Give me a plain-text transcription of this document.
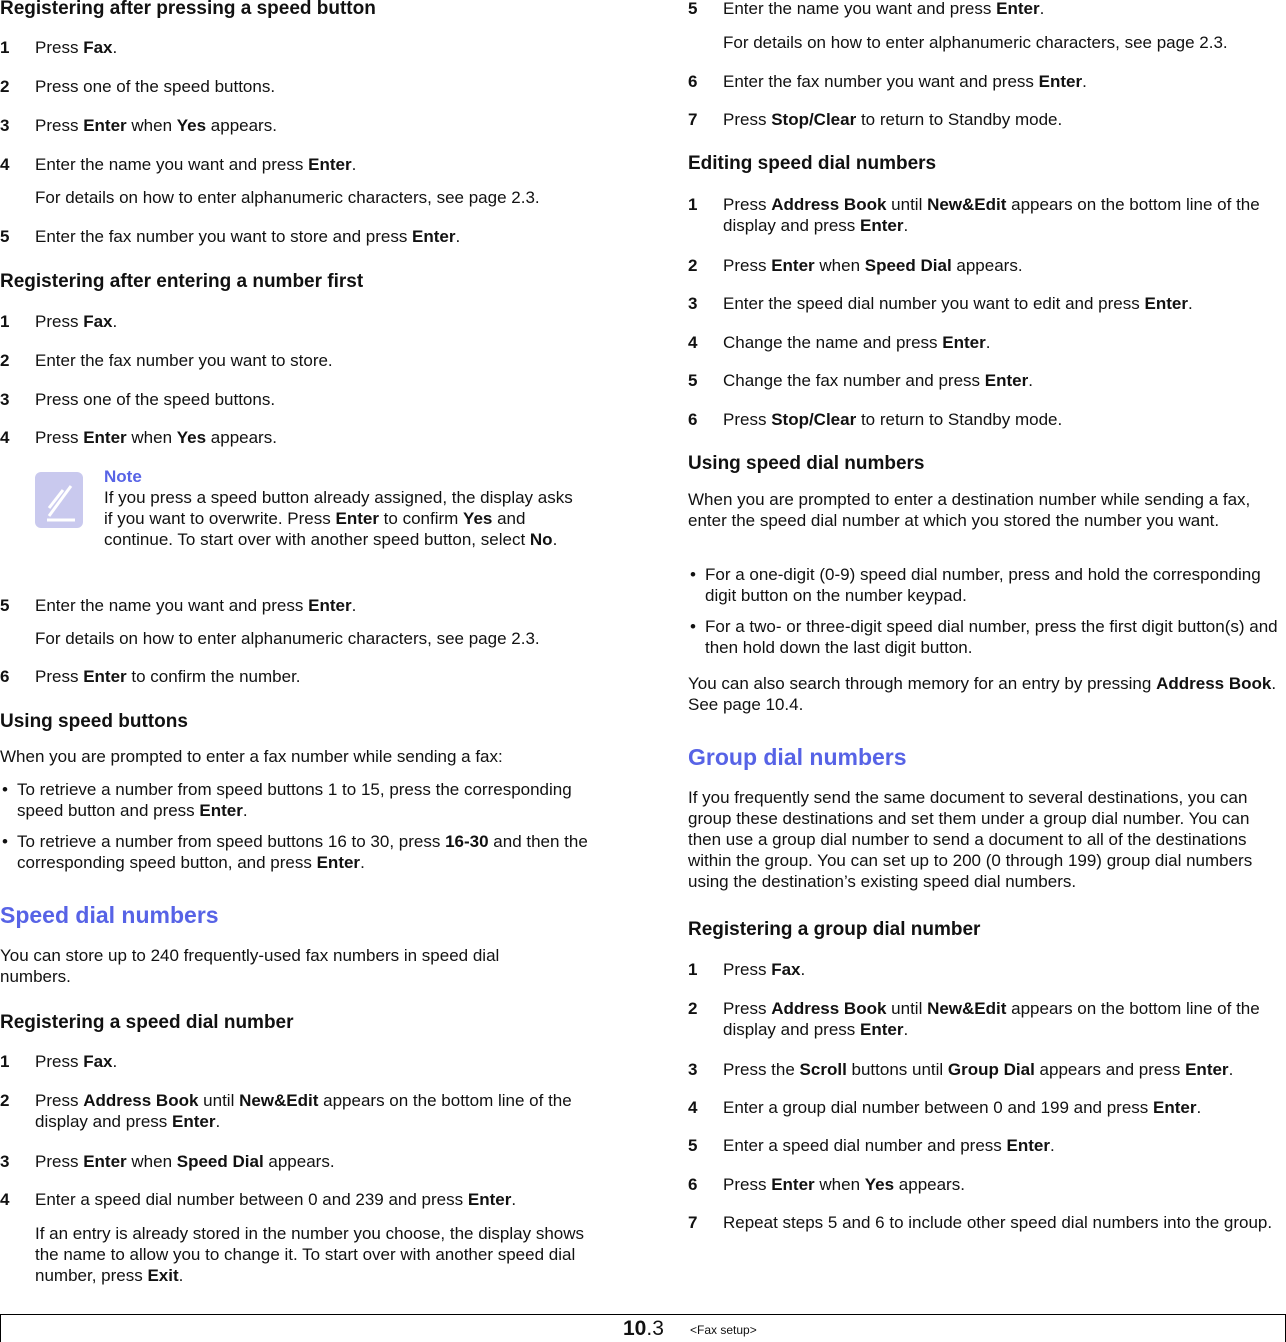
Registering after pressing a speed button
1 Press Fax.
2 Press one of the speed buttons.
3 Press Enter when Yes appears.
4 Enter the name you want and press Enter.
For details on how to enter alphanumeric characters, see page 2.3.
5 Enter the fax number you want to store and press Enter.
Registering after entering a number first
1 Press Fax.
2 Enter the fax number you want to store.
3 Press one of the speed buttons.
4 Press Enter when Yes appears.
Note
If you press a speed button already assigned, the display asks if you want to overwrite. Press Enter to confirm Yes and continue. To start over with another speed button, select No.
5 Enter the name you want and press Enter.
For details on how to enter alphanumeric characters, see page 2.3.
6 Press Enter to confirm the number.
Using speed buttons
When you are prompted to enter a fax number while sending a fax:
• To retrieve a number from speed buttons 1 to 15, press the corresponding speed button and press Enter.
• To retrieve a number from speed buttons 16 to 30, press 16-30 and then the corresponding speed button, and press Enter.
Speed dial numbers
You can store up to 240 frequently-used fax numbers in speed dial numbers.
Registering a speed dial number
1 Press Fax.
2 Press Address Book until New&Edit appears on the bottom line of the display and press Enter.
3 Press Enter when Speed Dial appears.
4 Enter a speed dial number between 0 and 239 and press Enter.
If an entry is already stored in the number you choose, the display shows the name to allow you to change it. To start over with another speed dial number, press Exit.
5 Enter the name you want and press Enter.
For details on how to enter alphanumeric characters, see page 2.3.
6 Enter the fax number you want and press Enter.
7 Press Stop/Clear to return to Standby mode.
Editing speed dial numbers
1 Press Address Book until New&Edit appears on the bottom line of the display and press Enter.
2 Press Enter when Speed Dial appears.
3 Enter the speed dial number you want to edit and press Enter.
4 Change the name and press Enter.
5 Change the fax number and press Enter.
6 Press Stop/Clear to return to Standby mode.
Using speed dial numbers
When you are prompted to enter a destination number while sending a fax, enter the speed dial number at which you stored the number you want.
• For a one-digit (0-9) speed dial number, press and hold the corresponding digit button on the number keypad.
• For a two- or three-digit speed dial number, press the first digit button(s) and then hold down the last digit button.
You can also search through memory for an entry by pressing Address Book. See page 10.4.
Group dial numbers
If you frequently send the same document to several destinations, you can group these destinations and set them under a group dial number. You can then use a group dial number to send a document to all of the destinations within the group. You can set up to 200 (0 through 199) group dial numbers using the destination’s existing speed dial numbers.
Registering a group dial number
1 Press Fax.
2 Press Address Book until New&Edit appears on the bottom line of the display and press Enter.
3 Press the Scroll buttons until Group Dial appears and press Enter.
4 Enter a group dial number between 0 and 199 and press Enter.
5 Enter a speed dial number and press Enter.
6 Press Enter when Yes appears.
7 Repeat steps 5 and 6 to include other speed dial numbers into the group.
10.3 <Fax setup>
